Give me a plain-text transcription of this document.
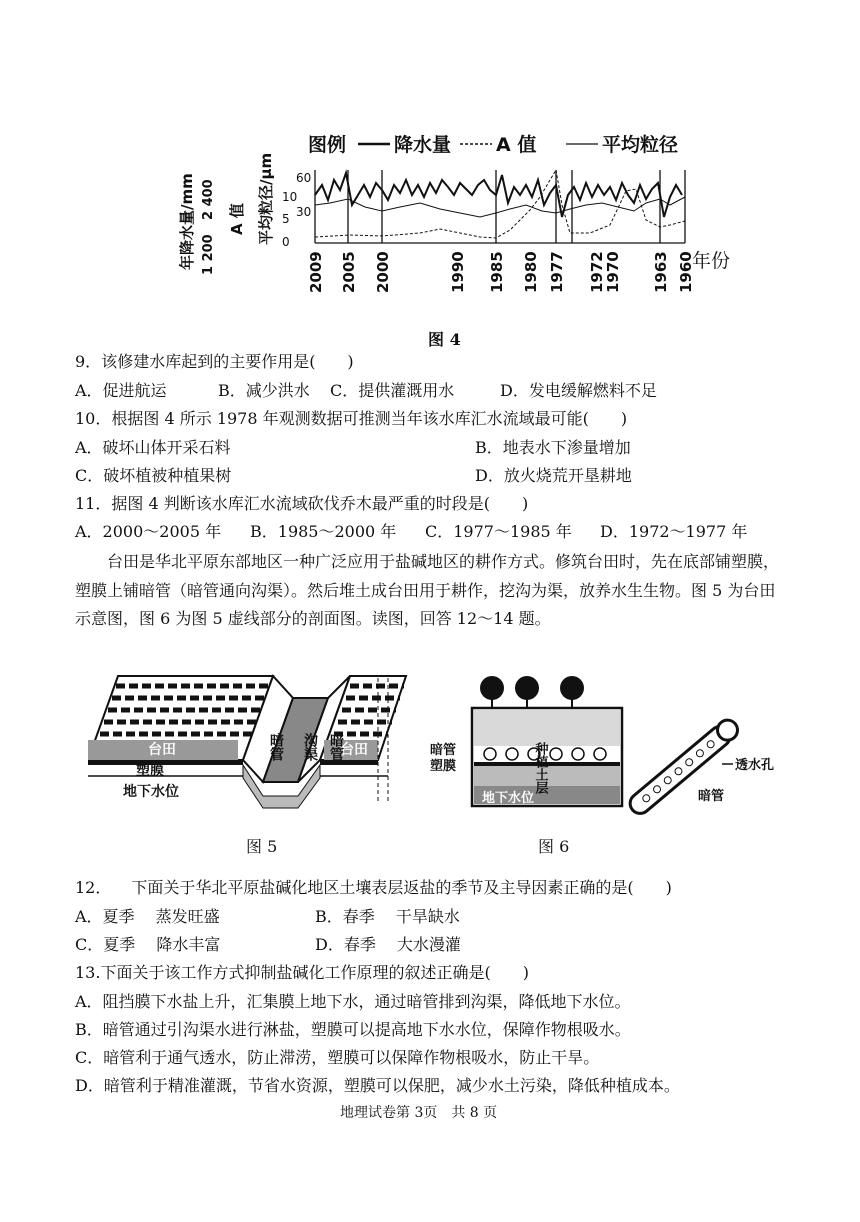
图例	降水量 A 值	平均粒径
年降水量/mm 1 200
2 400 A 值 平均粒径/μm 0
5
10
30
60
2009 2005 2000	1990 1985 1980 1977 1972
1970 1963 1960
年份
图 4
9．该修建水库起到的主要作用是(　　)
A．促进航运	B．减少洪水 C．提供灌溉用水	D．发电缓解燃料不足
10．根据图 4 所示 1978 年观测数据可推测当年该水库汇水流域最可能(　　)
A．破坏山体开采石料	B．地表水下渗量增加
C．破坏植被种植果树	D．放火烧荒开垦耕地
11．据图 4 判断该水库汇水流域砍伐乔木最严重的时段是(　　)
A．2000～2005 年 B．1985～2000 年 C．1977～1985 年 D．1972～1977 年
台田是华北平原东部地区一种广泛应用于盐碱地区的耕作方式。修筑台田时，先在底部铺塑膜，塑膜上铺暗管（暗管通向沟渠）。然后堆土成台田用于耕作，挖沟为渠，放养水生生物。图 5 为台田示意图，图 6 为图 5 虚线部分的剖面图。读图，回答 12～14 题。
台田	台田
暗管 沟渠 暗管
塑膜
地下水位
图 5
种植土层
暗管
塑膜
地下水位
透水孔
暗管
图 6
12． 下面关于华北平原盐碱化地区土壤表层返盐的季节及主导因素正确的是(　　)
A．夏季　 蒸发旺盛	B．春季　 干旱缺水
C．夏季　 降水丰富	D．春季　 大水漫灌
13.下面关于该工作方式抑制盐碱化工作原理的叙述正确是(　　)
A．阻挡膜下水盐上升，汇集膜上地下水，通过暗管排到沟渠，降低地下水位。
B．暗管通过引沟渠水进行淋盐，塑膜可以提高地下水水位，保障作物根吸水。
C．暗管利于通气透水，防止滞涝，塑膜可以保障作物根吸水，防止干旱。
D．暗管利于精准灌溉，节省水资源，塑膜可以保肥，减少水土污染，降低种植成本。
地理试卷第 3页　共 8 页
